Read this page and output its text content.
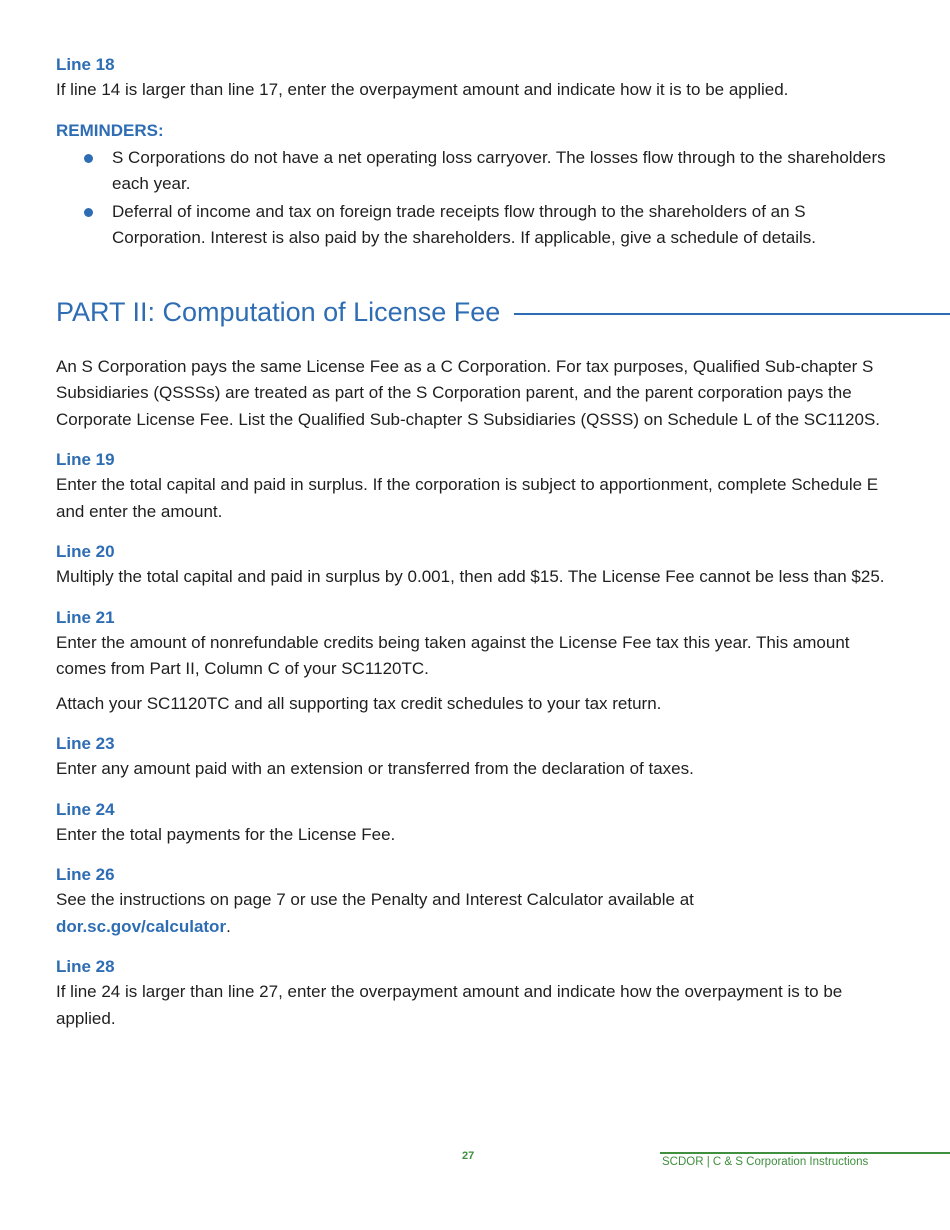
Line 18

If line 14 is larger than line 17, enter the overpayment amount and indicate how it is to be applied.

REMINDERS:

S Corporations do not have a net operating loss carryover. The losses flow through to the shareholders each year.
Deferral of income and tax on foreign trade receipts flow through to the shareholders of an S Corporation. Interest is also paid by the shareholders. If applicable, give a schedule of details.
PART II: Computation of License Fee

An S Corporation pays the same License Fee as a C Corporation. For tax purposes, Qualified Sub-chapter S Subsidiaries (QSSSs) are treated as part of the S Corporation parent, and the parent corporation pays the Corporate License Fee. List the Qualified Sub-chapter S Subsidiaries (QSSS) on Schedule L of the SC1120S.

Line 19

Enter the total capital and paid in surplus. If the corporation is subject to apportionment, complete Schedule E and enter the amount.

Line 20

Multiply the total capital and paid in surplus by 0.001, then add $15. The License Fee cannot be less than $25.

Line 21

Enter the amount of nonrefundable credits being taken against the License Fee tax this year. This amount comes from Part II, Column C of your SC1120TC.

Attach your SC1120TC and all supporting tax credit schedules to your tax return.

Line 23

Enter any amount paid with an extension or transferred from the declaration of taxes.

Line 24

Enter the total payments for the License Fee.

Line 26

See the instructions on page 7 or use the Penalty and Interest Calculator available at
dor.sc.gov/calculator.

Line 28

If line 24 is larger than line 27, enter the overpayment amount and indicate how the overpayment is to be applied.

27	SCDOR | C & S Corporation Instructions
